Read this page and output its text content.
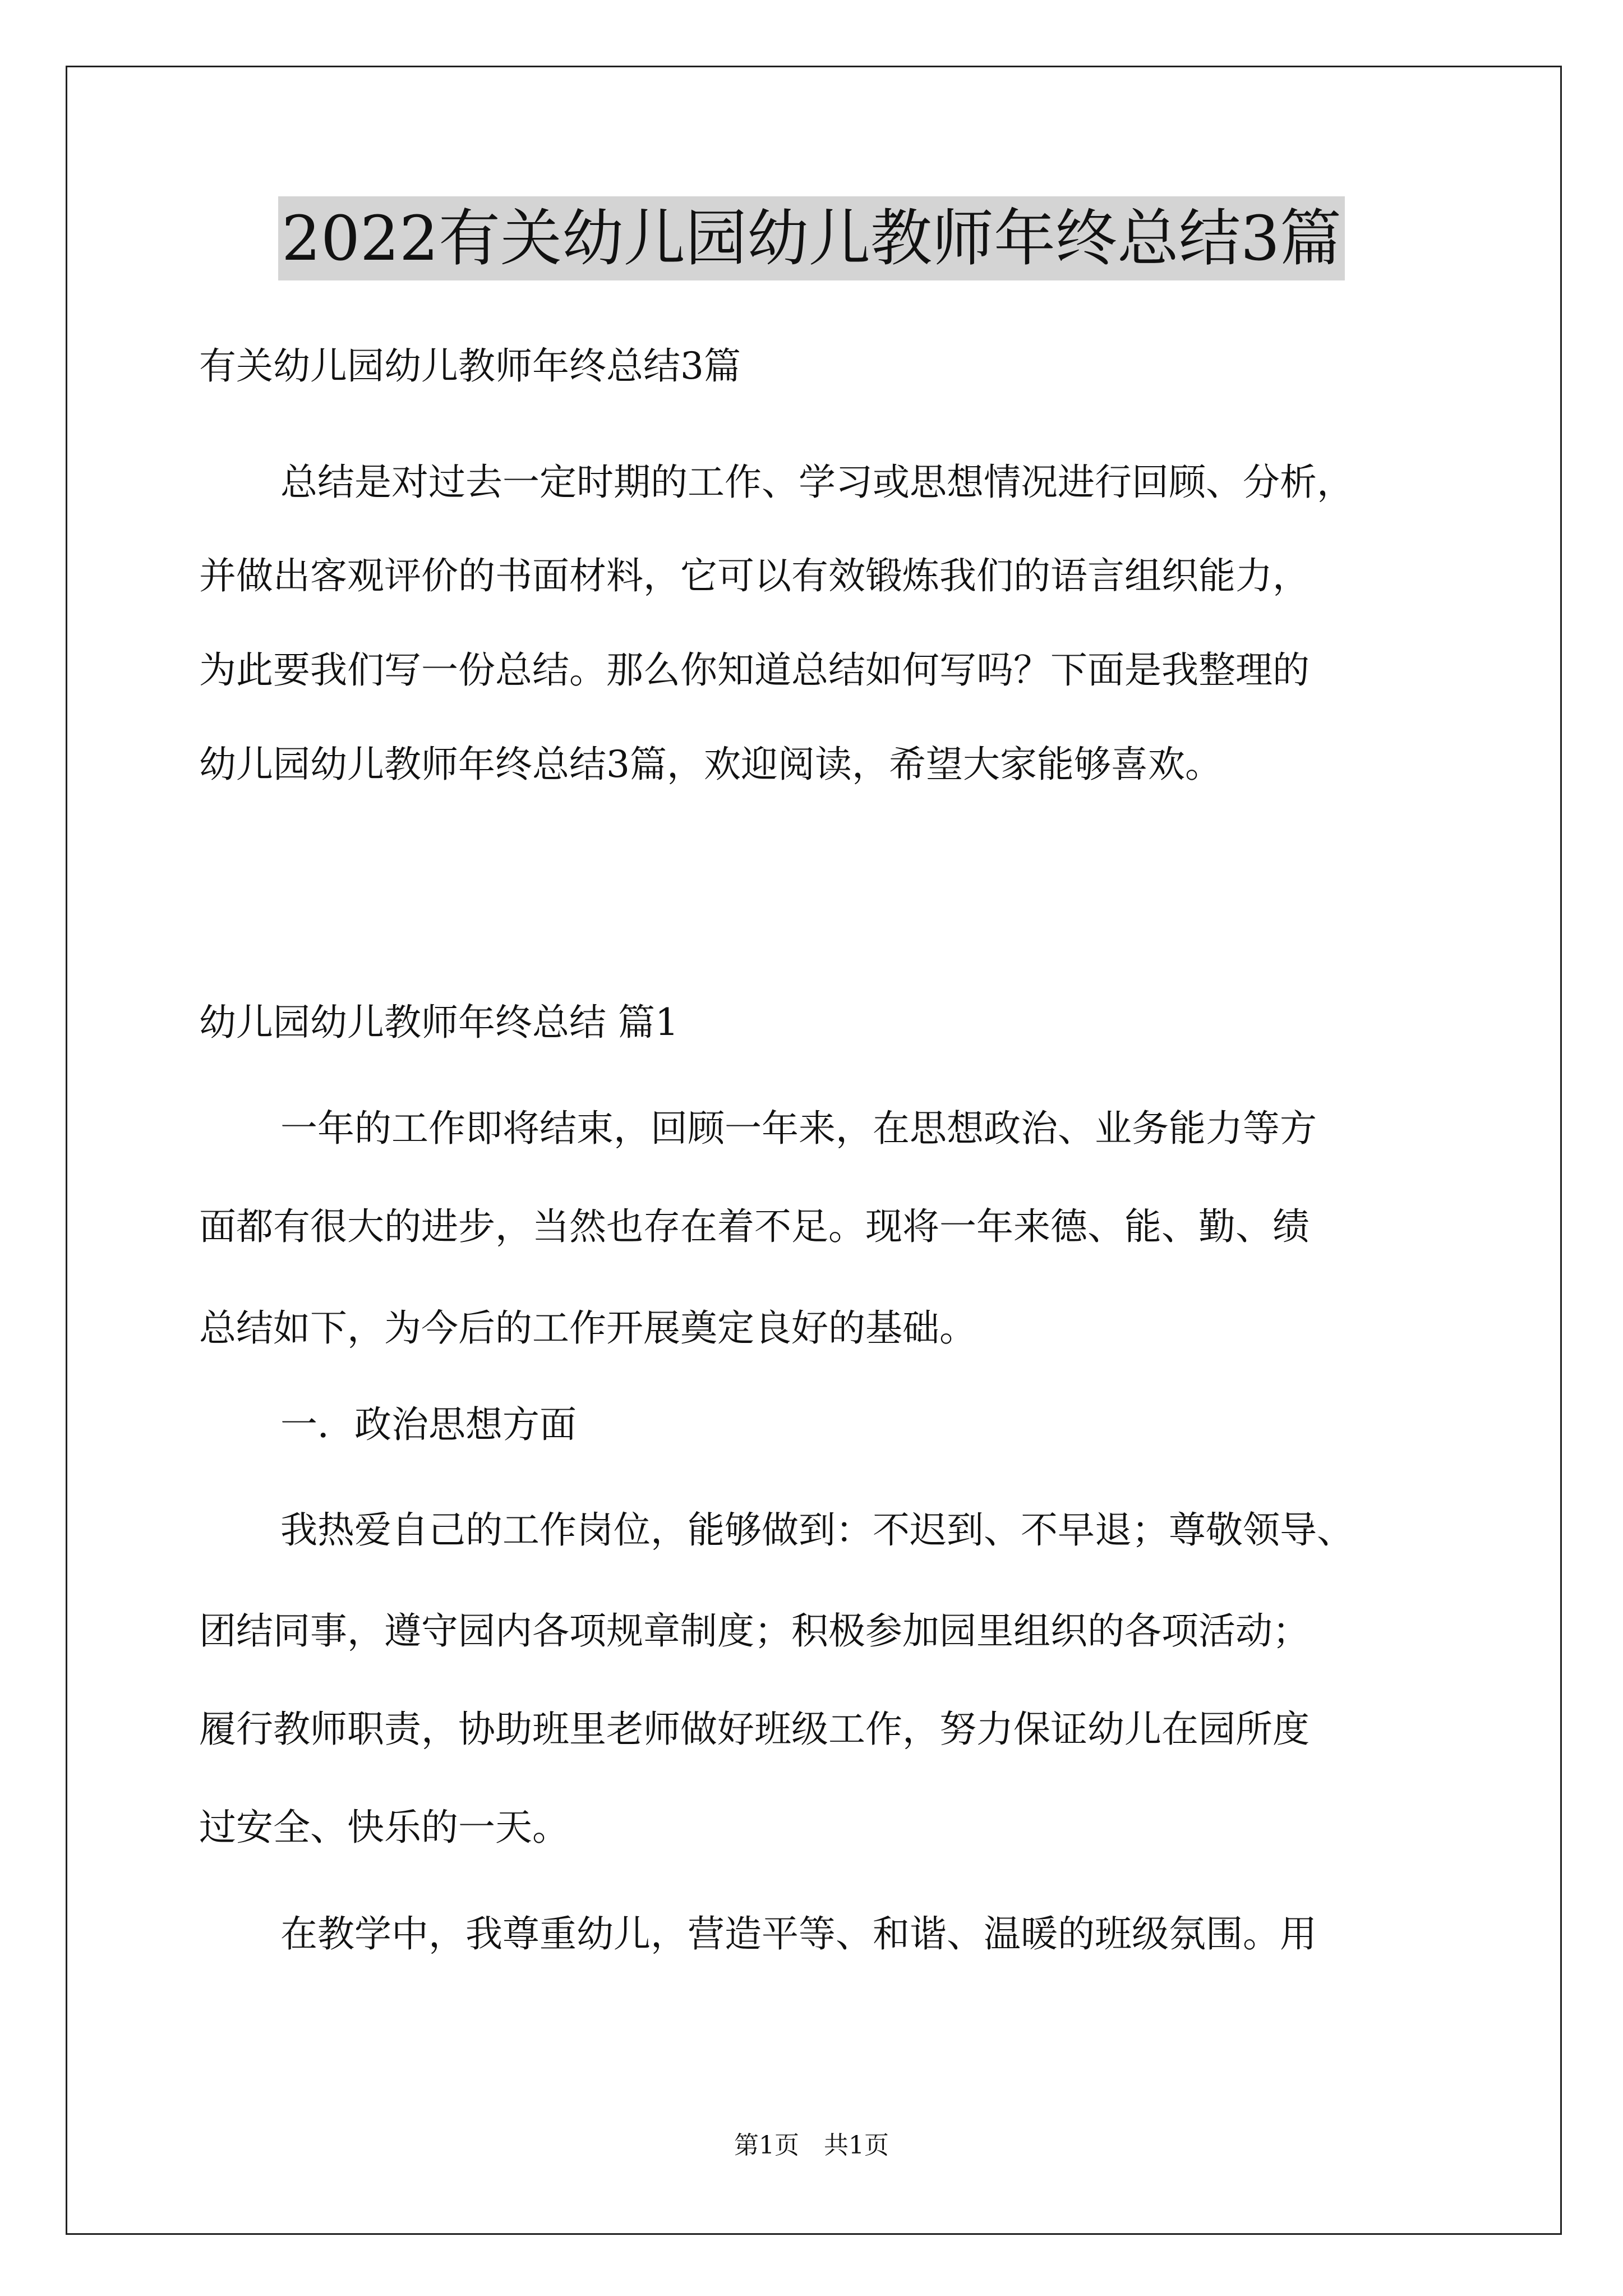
2022有关幼儿园幼儿教师年终总结3篇

有关幼儿园幼儿教师年终总结3篇

总结是对过去一定时期的工作、学习或思想情况进行回顾、分析，

并做出客观评价的书面材料，它可以有效锻炼我们的语言组织能力，

为此要我们写一份总结。那么你知道总结如何写吗？下面是我整理的

幼儿园幼儿教师年终总结3篇，欢迎阅读，希望大家能够喜欢。

幼儿园幼儿教师年终总结 篇1

一年的工作即将结束，回顾一年来，在思想政治、业务能力等方

面都有很大的进步，当然也存在着不足。现将一年来德、能、勤、绩

总结如下，为今后的工作开展奠定良好的基础。

一．政治思想方面

我热爱自己的工作岗位，能够做到：不迟到、不早退；尊敬领导、

团结同事，遵守园内各项规章制度；积极参加园里组织的各项活动；

履行教师职责，协助班里老师做好班级工作，努力保证幼儿在园所度

过安全、快乐的一天。

在教学中，我尊重幼儿，营造平等、和谐、温暖的班级氛围。用

第1页　共1页
